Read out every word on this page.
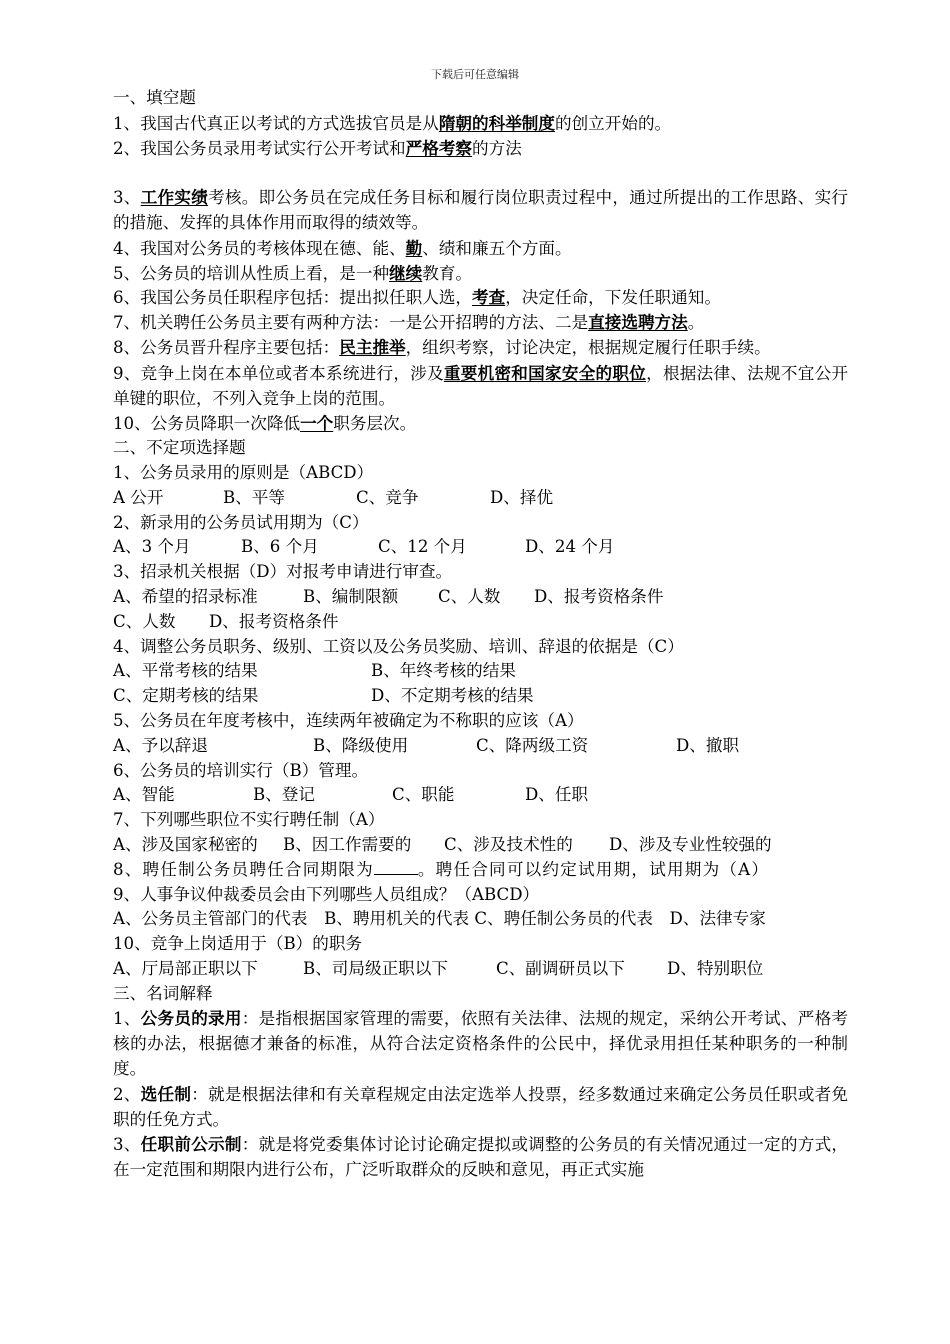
下载后可任意编辑
一、填空题
1、我国古代真正以考试的方式选拔官员是从隋朝的科举制度的创立开始的。
2、我国公务员录用考试实行公开考试和严格考察的方法
3、工作实绩考核。即公务员在完成任务目标和履行岗位职责过程中，通过所提出的工作思路、实行的措施、发挥的具体作用而取得的绩效等。
4、我国对公务员的考核体现在德、能、勤、绩和廉五个方面。
5、公务员的培训从性质上看，是一种继续教育。
6、我国公务员任职程序包括：提出拟任职人选，考查，决定任命，下发任职通知。
7、机关聘任公务员主要有两种方法：一是公开招聘的方法、二是直接选聘方法。
8、公务员晋升程序主要包括：民主推举，组织考察，讨论决定，根据规定履行任职手续。
9、竞争上岗在本单位或者本系统进行，涉及重要机密和国家安全的职位，根据法律、法规不宜公开单键的职位，不列入竞争上岗的范围。
10、公务员降职一次降低一个职务层次。
二、不定项选择题
1、公务员录用的原则是（ABCD）
A 公开	B、平等	C、竞争	D、择优
2、新录用的公务员试用期为（C）
A、3 个月	B、6 个月	C、12 个月	D、24 个月
3、招录机关根据（D）对报考申请进行审查。
A、希望的招录标准	B、编制限额 C、人数 D、报考资格条件
C、人数 D、报考资格条件
4、调整公务员职务、级别、工资以及公务员奖励、培训、辞退的依据是（C）
A、平常考核的结果	B、年终考核的结果
C、定期考核的结果	D、不定期考核的结果
5、公务员在年度考核中，连续两年被确定为不称职的应该（A）
A、予以辞退	B、降级使用	C、降两级工资	D、撤职
6、公务员的培训实行（B）管理。
A、智能	B、登记	C、职能	D、任职
7、下列哪些职位不实行聘任制（A）
A、涉及国家秘密的 B、因工作需要的 C、涉及技术性的 D、涉及专业性较强的
8、聘任制公务员聘任合同期限为	。聘任合同可以约定试用期，试用期为（A）
9、人事争议仲裁委员会由下列哪些人员组成？（ABCD）
A、公务员主管部门的代表　B、聘用机关的代表 C、聘任制公务员的代表　D、法律专家
10、竞争上岗适用于（B）的职务
A、厅局部正职以下	B、司局级正职以下	C、副调研员以下	D、特别职位
三、名词解释
1、公务员的录用：是指根据国家管理的需要，依照有关法律、法规的规定，采纳公开考试、严格考核的办法，根据德才兼备的标准，从符合法定资格条件的公民中，择优录用担任某种职务的一种制度。
2、选任制：就是根据法律和有关章程规定由法定选举人投票，经多数通过来确定公务员任职或者免职的任免方式。
3、任职前公示制：就是将党委集体讨论讨论确定提拟或调整的公务员的有关情况通过一定的方式，在一定范围和期限内进行公布，广泛听取群众的反映和意见，再正式实施
